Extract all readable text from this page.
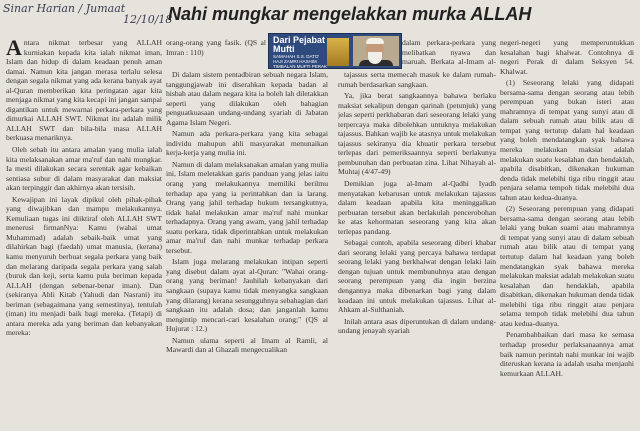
Sinar Harian / Jumaat
12/10/18
Nahi mungkar mengelakkan murka ALLAH

Antara nikmat terbesar yang ALLAH kurniakan kepada kita ialah nikmat iman, Islam dan hidup di dalam keadaan penuh aman damai. Namun kita jangan merasa terlalu selesa dengan segala nikmat yang ada kerana banyak ayat al-Quran memberikan kita peringatan agar kita menjaga nikmat yang kita kecapi ini jangan sampai digantikan untuk mewarnai perkara-perkara yang dimurkai ALLAH SWT. Nikmat itu adalah milik ALLAH SWT dan bila-bila masa ALLAH berkuasa menariknya.

Oleh sebab itu antara amalan yang mulia ialah kita melaksanakan amar ma'ruf dan nahi mungkar. Ia mesti dilakukan secara serentak agar kebaikan sentiasa subur di dalam masyarakat dan maksiat akan terpinggir dan akhirnya akan tersisih.

Kewajipan ini layak dipikul oleh pihak-pihak yang diwajibkan dan mampu melakukannya. Kemuliaan tugas ini diiktiraf oleh ALLAH SWT menerusi firmanNya: Kamu (wahai umat Muhammad) adalah sebaik-baik umat yang dilahirkan bagi (faedah) umat manusia, (kerana) kamu menyuruh berbuat segala perkara yang baik dan melarang daripada segala perkara yang salah (buruk dan keji, serta kamu pula beriman kepada ALLAH (dengan sebenar-benar iman). Dan (sekiranya Ahli Kitab (Yahudi dan Nasrani) itu beriman (sebagaimana yang semestinya), tentulah (iman) itu menjadi baik bagi mereka. (Tetapi) di antara mereka ada yang beriman dan kebanyakan mereka:

orang-orang yang fasik. (QS al Imran : 110)

Dari Pejabat Mufti
SAMAHAH S.S. DATO' HAJI ZAMRI HASHIM TIMBALAN MUFTI PERAK

Di dalam sistem pentadbiran sebuah negara Islam, tanggungjawab ini diserahkan kepada badan al hisbah atau dalam negara kita ia boleh lah diletakkan seperti yang dilakukan oleh bahagian penguatkuasaan undang-undang syariah di Jabatan Agama Islam Negeri.

Namun ada perkara-perkara yang kita sebagai individu mahupun ahli masyarakat menunaikan kerja-kerja yang mulia ini.

Namun di dalam melaksanakan amalan yang mulia ini, Islam meletakkan garis panduan yang jelas iaitu orang yang melakukannya memiliki berilmu terhadap apa yang ia perintahkan dan ia larang. Orang yang jahil terhadap hukum tersangkutnya, tidak halal melakukan amar ma'ruf nahi munkar terhadapnya. Orang yang awam, yang jahil terhadap suatu perkara, tidak diperintahkan untuk melakukan amar ma'ruf dan nahi munkar terhadap perkara tersebut.

Islam juga melarang melakukan intipan seperti yang disebut dalam ayat al-Quran: "Wahai orang-orang yang beriman! Jauhilah kebanyakan dari sangkaan (supaya kamu tidak menyangka sangkaan yang dilarang) kerana sesungguhnya sebahagian dari sangkaan itu adalah dosa; dan janganlah kamu mengintip mencari-cari kesalahan orang;" (QS al Hujurat : 12.)

Namun ulama seperti al Imam al Ramli, al Mawardi dan al Ghazali mengecualikan

dalam perkara-perkara yang melibatkan nyawa dan maruah. Berkata al-Imam al-

tajassus serta memecah masuk ke dalam rumah-rumah berdasarkan sangkaan.

Ya, jika berat sangkaannya bahawa berlaku maksiat sekalipun dengan qarinah (petunjuk) yang jelas seperti perkhabaran dari seseorang lelaki yang terpercaya maka dibolehkan untuknya melakukan tajassus. Bahkan wajib ke atasnya untuk melakukan tajassus sekiranya dia khuatir perkara tersebut terlepas dari pemeriksaannya seperti berlakunya pembunuhan dan perbuatan zina. Lihat Nihayah al-Muhtaj (4/47-49)

Demikian juga al-Imam al-Qadhi Iyadh menyatakan keharusan untuk melakukan tajassus dalam keadaan apabila kita meninggalkan perbuatan tersebut akan berlakulah pencerobohan ke atas kehormatan seseorang yang kita akan terlepas pandang.

Sebagai contoh, apabila seseorang diberi khabar dari seorang lelaki yang percaya bahawa terdapat seorang lelaki yang berkhalwat dengan lelaki lain dengan tujuan untuk membunuhnya atau dengan seorang perempuan yang dia ingin berzina dengannya maka dibenarkan bagi yang dalam keadaan ini untuk melakukan tajassus. Lihat al-Ahkam al-Sulthaniah.

Inilah antara asas diperuntukan di dalam undang-undang jenayah syariah

negeri-negeri yang memperuntukkan kesalahan bagi khalwat. Contohnya di negeri Perak di dalam Seksyen 54. Khalwat.

(1) Seseorang lelaki yang didapati bersama-sama dengan seorang atau lebih perempuan yang bukan isteri atau mahramnya di tempat yang sunyi atau di dalam sebuah rumah atau bilik atau di tempat yang tertutup dalam hal keadaan yang boleh mendatangkan syak bahawa mereka melakukan maksiat adalah melakukan suatu kesalahan dan hendaklah, apabila disabitkan, dikenakan hukuman denda tidak melebihi tiga ribu ringgit atau penjara selama tempoh tidak melebihi dua tahun atau kedua-duanya.

(2) Seseorang perempuan yang didapati bersama-sama dengan seorang atau lebih lelaki yang bukan suami atau mahramnya di tempat yang sunyi atau di dalam sebuah rumah atau bilik atau di tempat yang tertutup dalam hal keadaan yang boleh mendatangkan syak bahawa mereka melakukan maksiat adalah melakukan suatu kesalahan dan hendaklah, apabila disabitkan, dikenakan hukuman denda tidak melebihi tiga ribu ringgit atau penjara selama tempoh tidak melebihi dua tahun atau kedua-duanya.

Penambahbaikan dari masa ke semasa terhadap prosedur perlaksanaannya amat baik namun perintah nahi munkar ini wajib diteruskan kerana ia adalah usaha menjauhi kemurkaan ALLAH.
